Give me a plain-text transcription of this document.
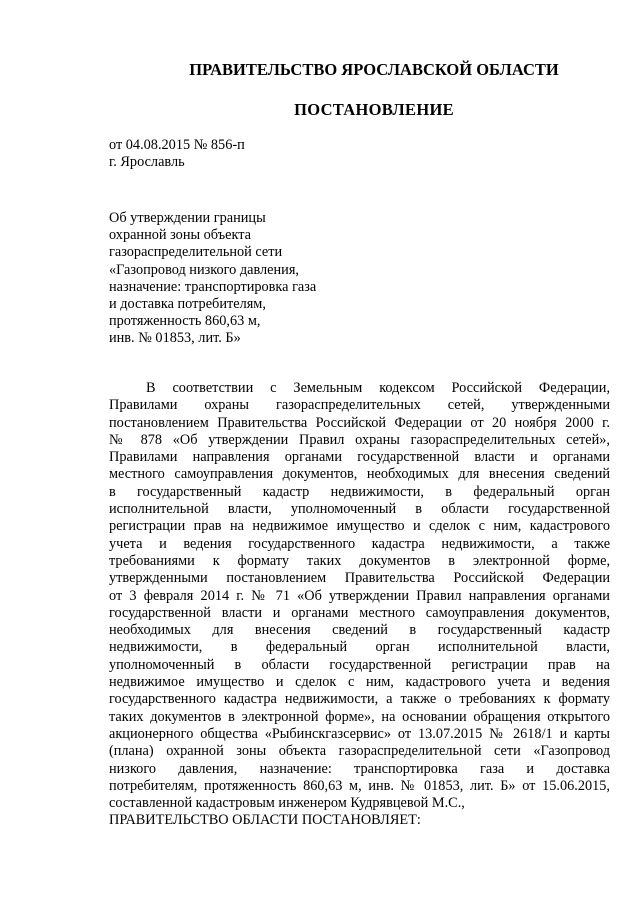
ПРАВИТЕЛЬСТВО ЯРОСЛАВСКОЙ ОБЛАСТИ
ПОСТАНОВЛЕНИЕ
от 04.08.2015 № 856-п
г. Ярославль
Об утверждении границы
охранной зоны объекта
газораспределительной сети
«Газопровод низкого давления,
назначение: транспортировка газа
и доставка потребителям,
протяженность 860,63 м,
инв. № 01853, лит. Б»
В соответствии с Земельным кодексом Российской Федерации,
Правилами охраны газораспределительных сетей, утвержденными
постановлением Правительства Российской Федерации от 20 ноября 2000 г.
№ 878 «Об утверждении Правил охраны газораспределительных сетей»,
Правилами направления органами государственной власти и органами
местного самоуправления документов, необходимых для внесения сведений
в государственный кадастр недвижимости, в федеральный орган
исполнительной власти, уполномоченный в области государственной
регистрации прав на недвижимое имущество и сделок с ним, кадастрового
учета и ведения государственного кадастра недвижимости, а также
требованиями к формату таких документов в электронной форме,
утвержденными постановлением Правительства Российской Федерации
от 3 февраля 2014 г. № 71 «Об утверждении Правил направления органами
государственной власти и органами местного самоуправления документов,
необходимых для внесения сведений в государственный кадастр
недвижимости, в федеральный орган исполнительной власти,
уполномоченный в области государственной регистрации прав на
недвижимое имущество и сделок с ним, кадастрового учета и ведения
государственного кадастра недвижимости, а также о требованиях к формату
таких документов в электронной форме», на основании обращения открытого
акционерного общества «Рыбинскгазсервис» от 13.07.2015 № 2618/1 и карты
(плана) охранной зоны объекта газораспределительной сети «Газопровод
низкого давления, назначение: транспортировка газа и доставка
потребителям, протяженность 860,63 м, инв. № 01853, лит. Б» от 15.06.2015,
составленной кадастровым инженером Кудрявцевой М.С.,
ПРАВИТЕЛЬСТВО ОБЛАСТИ ПОСТАНОВЛЯЕТ:
